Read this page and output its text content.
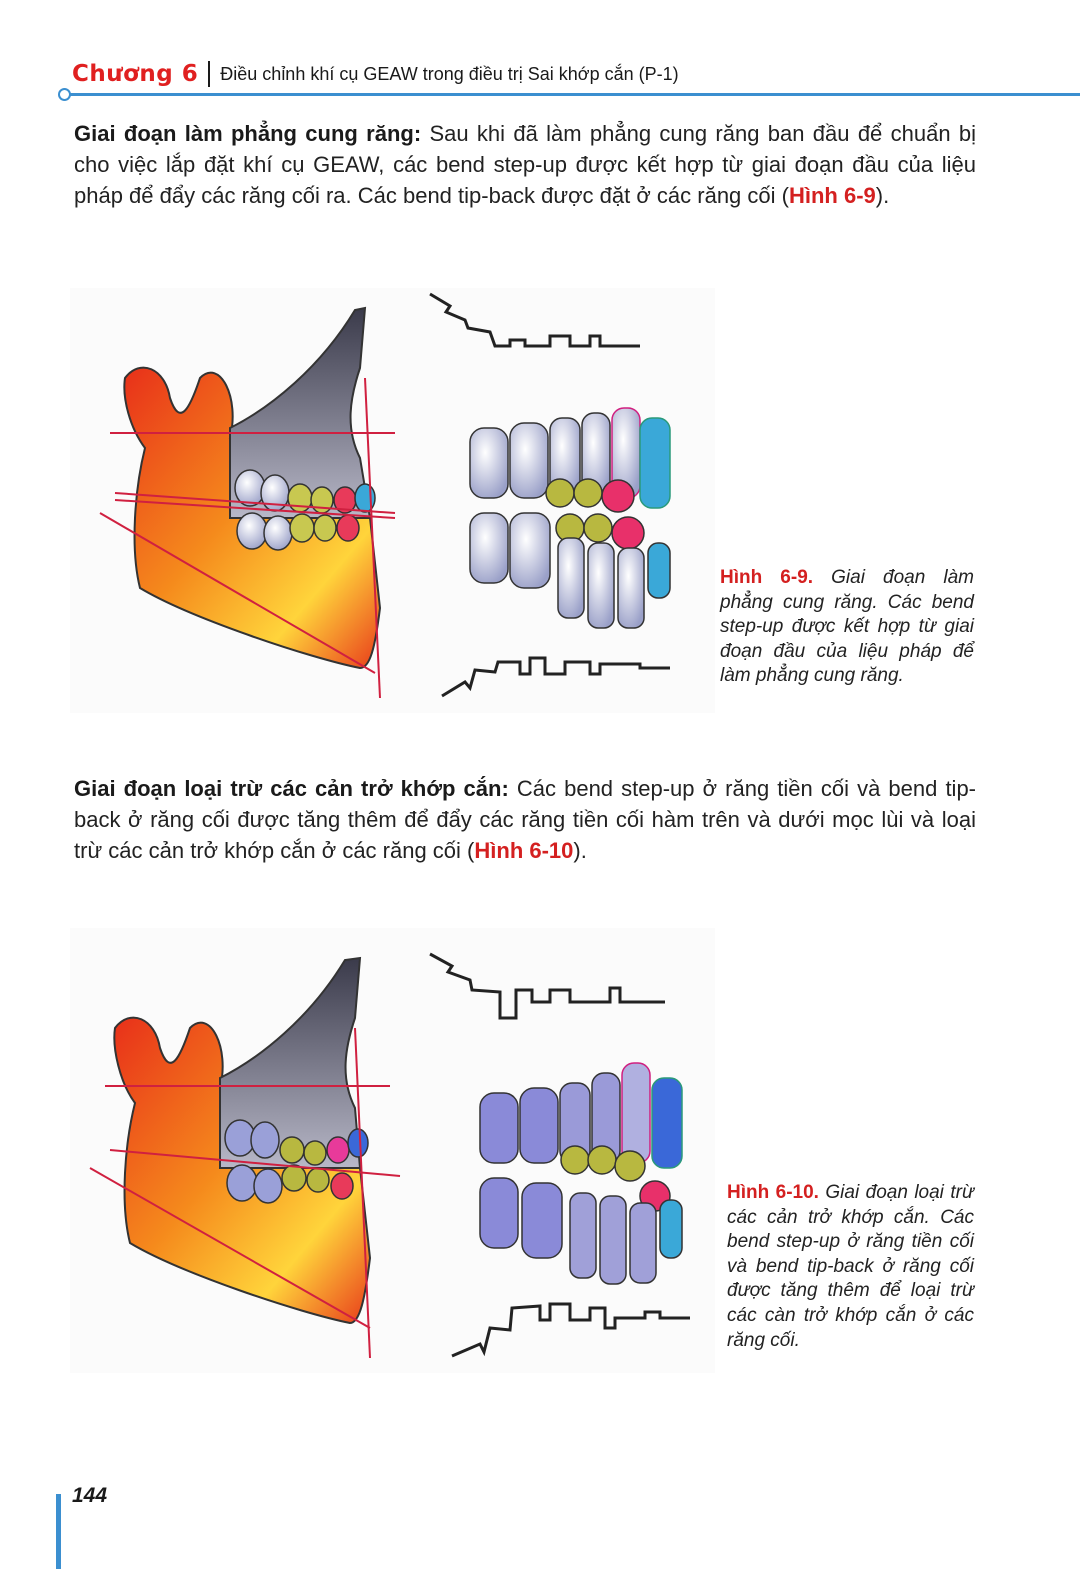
Chương 6 Điều chỉnh khí cụ GEAW trong điều trị Sai khớp cắn (P-1)

Giai đoạn làm phẳng cung răng: Sau khi đã làm phẳng cung răng ban đầu để chuẩn bị cho việc lắp đặt khí cụ GEAW, các bend step-up được kết hợp từ giai đoạn đầu của liệu pháp để đẩy các răng cối ra. Các bend tip-back được đặt ở các răng cối (Hình 6-9).

Hình 6-9. Giai đoạn làm phẳng cung răng. Các bend step-up được kết hợp từ giai đoạn đầu của liệu pháp để làm phẳng cung răng.

Giai đoạn loại trừ các cản trở khớp cắn: Các bend step-up ở răng tiền cối và bend tip-back ở răng cối được tăng thêm để đẩy các răng tiền cối hàm trên và dưới mọc lùi và loại trừ các cản trở khớp cắn ở các răng cối (Hình 6-10).

Hình 6-10. Giai đoạn loại trừ các cản trở khớp cắn. Các bend step-up ở răng tiền cối và bend tip-back ở răng cối được tăng thêm để loại trừ các càn trở khớp cắn ở các răng cối.
144
